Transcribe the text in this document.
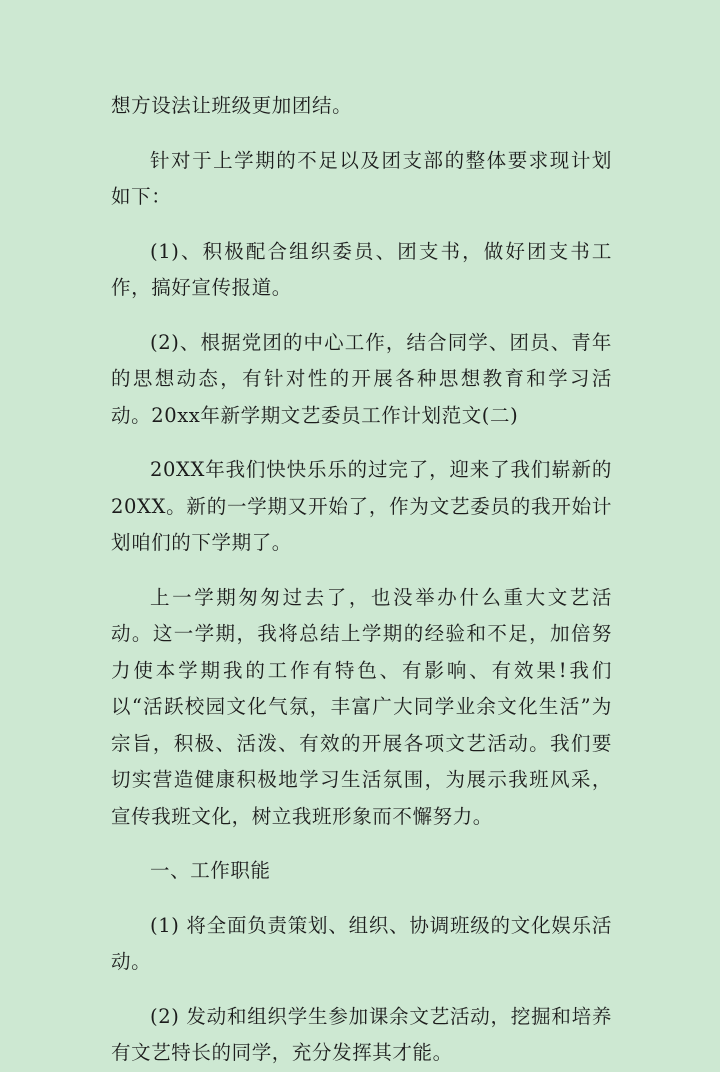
想方设法让班级更加团结。

针对于上学期的不足以及团支部的整体要求现计划如下：

(1)、积极配合组织委员、团支书，做好团支书工作，搞好宣传报道。

(2)、根据党团的中心工作，结合同学、团员、青年的思想动态，有针对性的开展各种思想教育和学习活动。20xx年新学期文艺委员工作计划范文(二)

20XX年我们快快乐乐的过完了，迎来了我们崭新的20XX。新的一学期又开始了，作为文艺委员的我开始计划咱们的下学期了。

上一学期匆匆过去了，也没举办什么重大文艺活动。这一学期，我将总结上学期的经验和不足，加倍努力使本学期我的工作有特色、有影响、有效果!我们以“活跃校园文化气氛，丰富广大同学业余文化生活”为宗旨，积极、活泼、有效的开展各项文艺活动。我们要切实营造健康积极地学习生活氛围，为展示我班风采，宣传我班文化，树立我班形象而不懈努力。

一、工作职能

(1) 将全面负责策划、组织、协调班级的文化娱乐活动。

(2) 发动和组织学生参加课余文艺活动，挖掘和培养有文艺特长的同学，充分发挥其才能。
